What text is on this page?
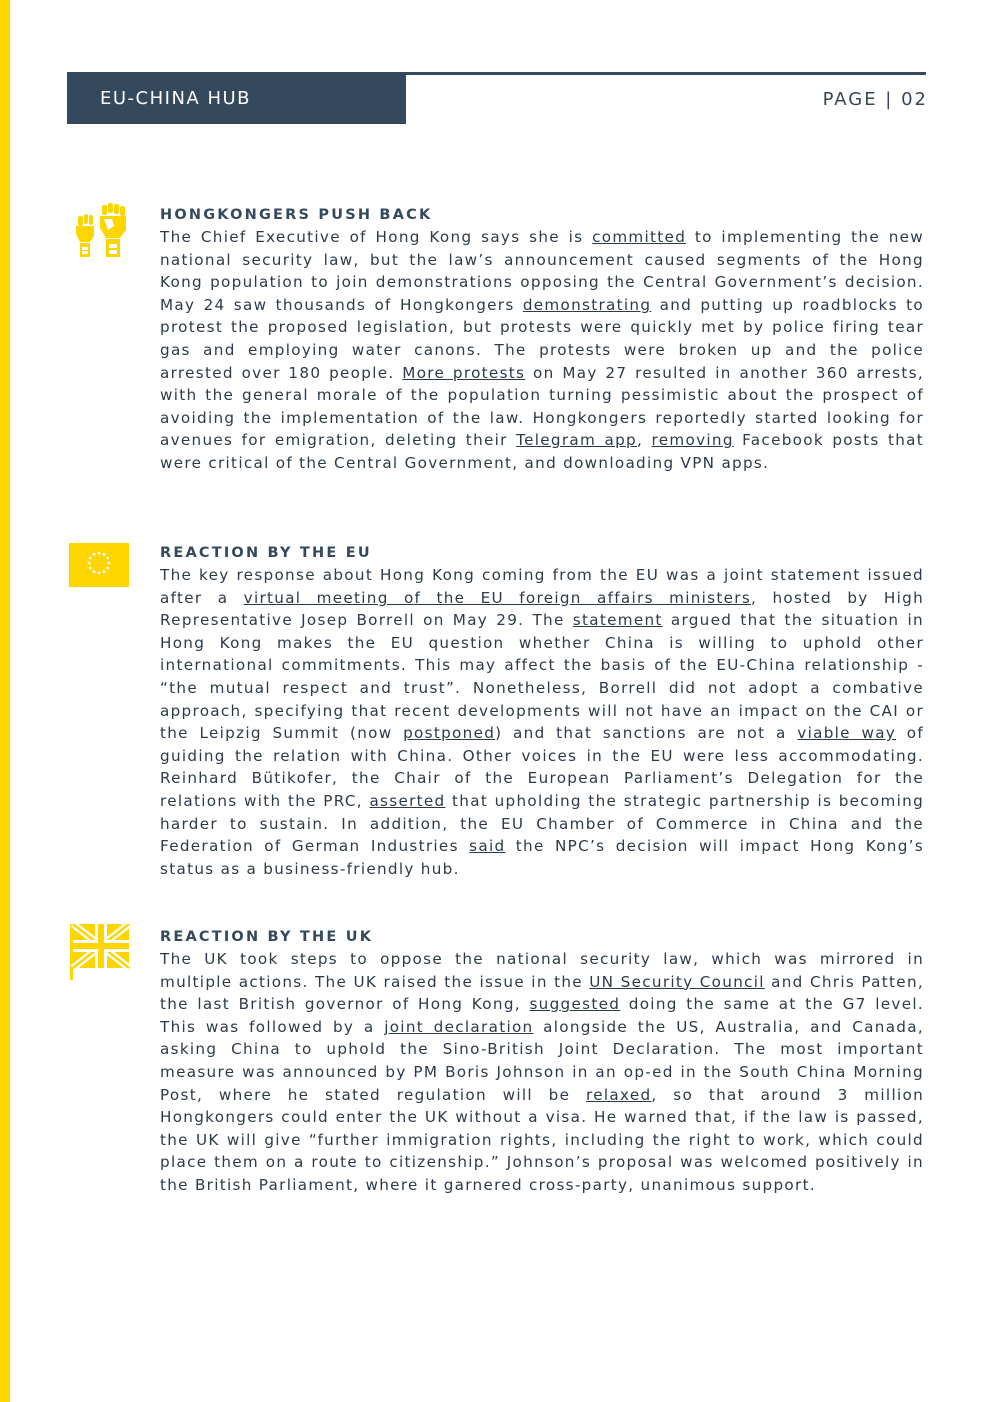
EU-CHINA HUB	PAGE | 02
HONGKONGERS PUSH BACK

The Chief Executive of Hong Kong says she is committed to implementing the new national security law, but the law’s announcement caused segments of the Hong Kong population to join demonstrations opposing the Central Government’s decision. May 24 saw thousands of Hongkongers demonstrating and putting up roadblocks to protest the proposed legislation, but protests were quickly met by police firing tear gas and employing water canons. The protests were broken up and the police arrested over 180 people. More protests on May 27 resulted in another 360 arrests, with the general morale of the population turning pessimistic about the prospect of avoiding the implementation of the law. Hongkongers reportedly started looking for avenues for emigration, deleting their Telegram app, removing Facebook posts that were critical of the Central Government, and downloading VPN apps.

REACTION BY THE EU

The key response about Hong Kong coming from the EU was a joint statement issued after a virtual meeting of the EU foreign affairs ministers, hosted by High Representative Josep Borrell on May 29. The statement argued that the situation in Hong Kong makes the EU question whether China is willing to uphold other international commitments. This may affect the basis of the EU-China relationship - “the mutual respect and trust”. Nonetheless, Borrell did not adopt a combative approach, specifying that recent developments will not have an impact on the CAI or the Leipzig Summit (now postponed) and that sanctions are not a viable way of guiding the relation with China. Other voices in the EU were less accommodating. Reinhard Bütikofer, the Chair of the European Parliament’s Delegation for the relations with the PRC, asserted that upholding the strategic partnership is becoming harder to sustain. In addition, the EU Chamber of Commerce in China and the Federation of German Industries said the NPC’s decision will impact Hong Kong’s status as a business-friendly hub.

REACTION BY THE UK

The UK took steps to oppose the national security law, which was mirrored in multiple actions. The UK raised the issue in the UN Security Council and Chris Patten, the last British governor of Hong Kong, suggested doing the same at the G7 level. This was followed by a joint declaration alongside the US, Australia, and Canada, asking China to uphold the Sino-British Joint Declaration. The most important measure was announced by PM Boris Johnson in an op-ed in the South China Morning Post, where he stated regulation will be relaxed, so that around 3 million Hongkongers could enter the UK without a visa. He warned that, if the law is passed, the UK will give “further immigration rights, including the right to work, which could place them on a route to citizenship.” Johnson’s proposal was welcomed positively in the British Parliament, where it garnered cross-party, unanimous support.
